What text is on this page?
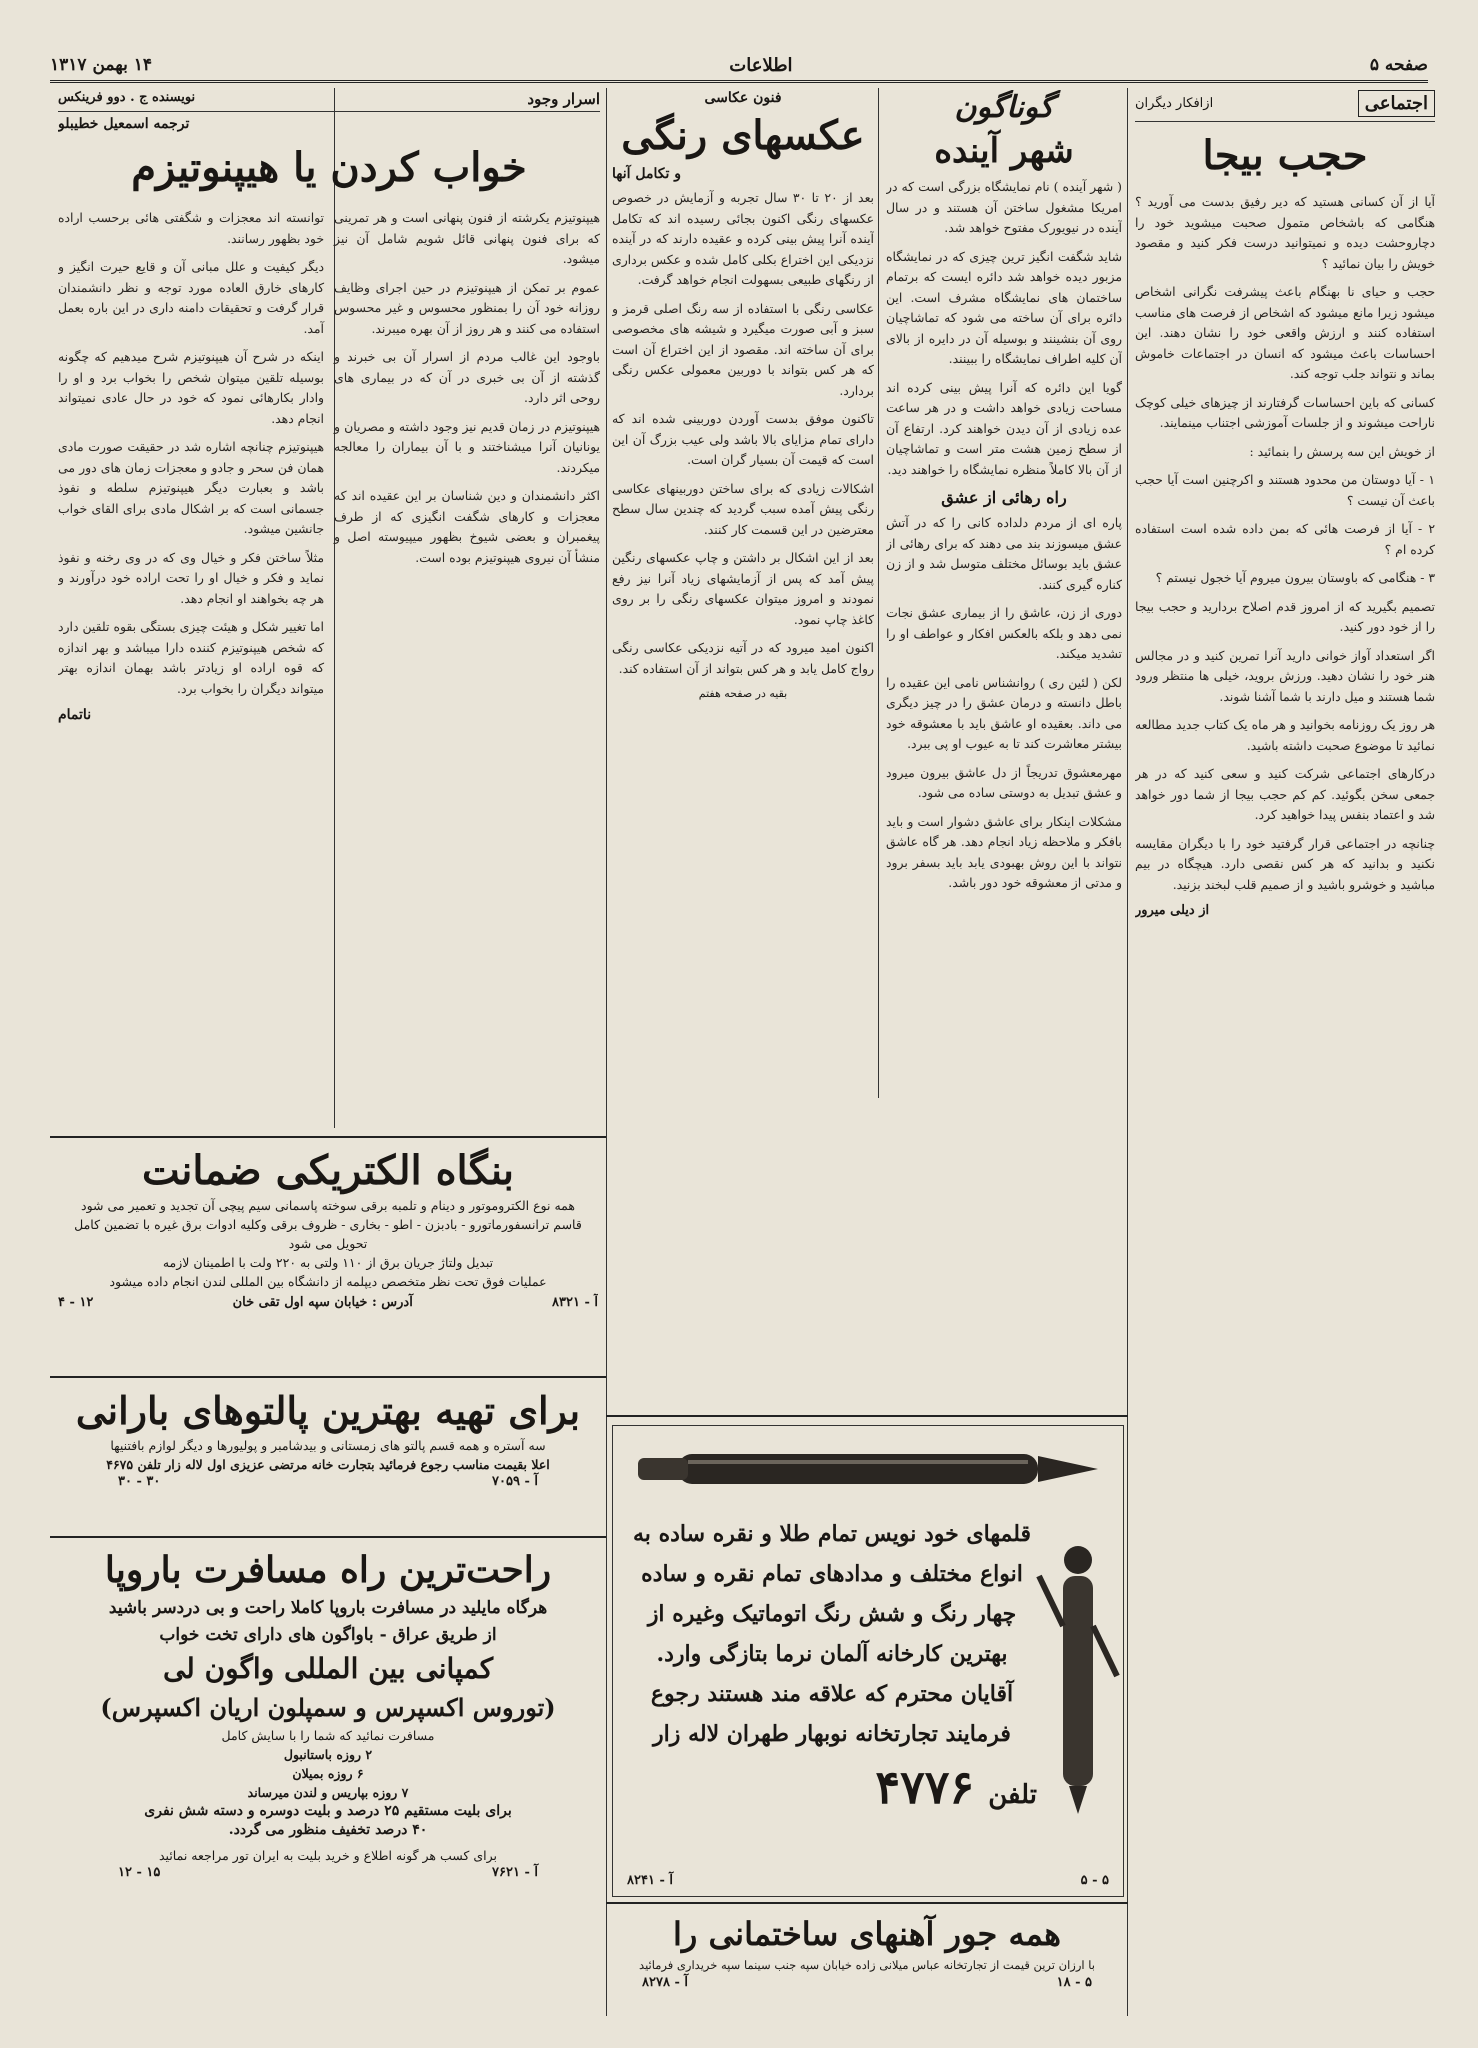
صفحه ۵
اطلاعات
۱۴ بهمن ۱۳۱۷
اجتماعی
ازافکار دیگران
حجب بیجا

آیا از آن کسانی هستید که دیر رفیق بدست می آورید ؟ هنگامی که باشخاص متمول صحبت میشوید خود را دچاروحشت دیده و نمیتوانید درست فکر کنید و مقصود خویش را بیان نمائید ؟

حجب و حیای نا بهنگام باعث پیشرفت نگرانی اشخاص میشود زیرا مانع میشود که اشخاص از فرصت های مناسب استفاده کنند و ارزش واقعی خود را نشان دهند. این احساسات باعث میشود که انسان در اجتماعات خاموش بماند و نتواند جلب توجه کند.

کسانی که باین احساسات گرفتارند از چیزهای خیلی کوچک ناراحت میشوند و از جلسات آموزشی اجتناب مینمایند.

از خویش این سه پرسش را بنمائید :

۱ - آیا دوستان من محدود هستند و اکرچنین است آیا حجب باعث آن نیست ؟

۲ - آیا از فرصت هائی که بمن داده شده است استفاده کرده ام ؟

۳ - هنگامی که باوستان بیرون میروم آیا خجول نیستم ؟

تصمیم بگیرید که از امروز قدم اصلاح بردارید و حجب بیجا را از خود دور کنید.

اگر استعداد آواز خوانی دارید آنرا تمرین کنید و در مجالس هنر خود را نشان دهید. ورزش بروید، خیلی ها منتظر ورود شما هستند و میل دارند با شما آشنا شوند.

هر روز یک روزنامه بخوانید و هر ماه یک کتاب جدید مطالعه نمائید تا موضوع صحبت داشته باشید.

درکارهای اجتماعی شرکت کنید و سعی کنید که در هر جمعی سخن بگوئید. کم کم حجب بیجا از شما دور خواهد شد و اعتماد بنفس پیدا خواهید کرد.

چنانچه در اجتماعی قرار گرفتید خود را با دیگران مقایسه نکنید و بدانید که هر کس نقصی دارد. هیچگاه در بیم مباشید و خوشرو باشید و از صمیم قلب لبخند بزنید.

از دیلی میرور
گوناگون
شهر آینده

( شهر آینده ) نام نمایشگاه بزرگی است که در امریکا مشغول ساختن آن هستند و در سال آینده در نیویورک مفتوح خواهد شد.

شاید شگفت انگیز ترین چیزی که در نمایشگاه مزبور دیده خواهد شد دائره ایست که برتمام ساختمان های نمایشگاه مشرف است. این دائره برای آن ساخته می شود که تماشاچیان روی آن بنشینند و بوسیله آن در دایره از بالای آن کلیه اطراف نمایشگاه را ببینند.

گویا این دائره که آنرا پیش بینی کرده اند مساحت زیادی خواهد داشت و در هر ساعت عده زیادی از آن دیدن خواهند کرد. ارتفاع آن از سطح زمین هشت متر است و تماشاچیان از آن بالا کاملاً منظره نمایشگاه را خواهند دید.

راه رهائی از عشق

پاره ای از مردم دلداده کانی را که در آتش عشق میسوزند بند می دهند که برای رهائی از عشق باید بوسائل مختلف متوسل شد و از زن کناره گیری کنند.

دوری از زن، عاشق را از بیماری عشق نجات نمی دهد و بلکه بالعکس افکار و عواطف او را تشدید میکند.

لکن ( لئین ری ) روانشناس نامی این عقیده را باطل دانسته و درمان عشق را در چیز دیگری می داند. بعقیده او عاشق باید با معشوقه خود بیشتر معاشرت کند تا به عیوب او پی ببرد.

مهرمعشوق تدریجاً از دل عاشق بیرون میرود و عشق تبدیل به دوستی ساده می شود.

مشکلات اینکار برای عاشق دشوار است و باید بافکر و ملاحظه زیاد انجام دهد. هر گاه عاشق نتواند با این روش بهبودی یابد باید بسفر برود و مدتی از معشوقه خود دور باشد.

فنون عکاسی
عکسهای رنگی
و تکامل آنها

بعد از ۲۰ تا ۳۰ سال تجربه و آزمایش در خصوص عکسهای رنگی اکنون بجائی رسیده اند که تکامل آینده آنرا پیش بینی کرده و عقیده دارند که در آینده نزدیکی این اختراع بکلی کامل شده و عکس برداری از رنگهای طبیعی بسهولت انجام خواهد گرفت.

عکاسی رنگی با استفاده از سه رنگ اصلی قرمز و سبز و آبی صورت میگیرد و شیشه های مخصوصی برای آن ساخته اند. مقصود از این اختراع آن است که هر کس بتواند با دوربین معمولی عکس رنگی بردارد.

تاکنون موفق بدست آوردن دوربینی شده اند که دارای تمام مزایای بالا باشد ولی عیب بزرگ آن این است که قیمت آن بسیار گران است.

اشکالات زیادی که برای ساختن دوربینهای عکاسی رنگی پیش آمده سبب گردید که چندین سال سطح معترضین در این قسمت کار کنند.

بعد از این اشکال بر داشتن و چاپ عکسهای رنگین پیش آمد که پس از آزمایشهای زیاد آنرا نیز رفع نمودند و امروز میتوان عکسهای رنگی را بر روی کاغذ چاپ نمود.

اکنون امید میرود که در آتیه نزدیکی عکاسی رنگی رواج کامل یابد و هر کس بتواند از آن استفاده کند.

بقیه در صفحه هفتم
اسرار وجود
نویسنده ج . دوو فرینکس
ترجمه اسمعیل خطیبلو
خواب کردن یا هیپنوتیزم

هیپنوتیزم یکرشته از فنون پنهانی است و هر تمرینی که برای فنون پنهانی قائل شویم شامل آن نیز میشود.

عموم بر تمکن از هیپنوتیزم در حین اجرای وظایف روزانه خود آن را بمنظور محسوس و غیر محسوس استفاده می کنند و هر روز از آن بهره میبرند.

باوجود این غالب مردم از اسرار آن بی خبرند و گذشته از آن بی خبری در آن که در بیماری های روحی اثر دارد.

هیپنوتیزم در زمان قدیم نیز وجود داشته و مصریان و یونانیان آنرا میشناختند و با آن بیماران را معالجه میکردند.

اکثر دانشمندان و دین شناسان بر این عقیده اند که معجزات و کارهای شگفت انگیزی که از طرف پیغمبران و بعضی شیوخ بظهور میپیوسته اصل و منشأ آن نیروی هیپنوتیزم بوده است.

توانسته اند معجزات و شگفتی هائی برحسب اراده خود بظهور رسانند.

دیگر کیفیت و علل مبانی آن و قایع حیرت انگیز و کارهای خارق العاده مورد توجه و نظر دانشمندان قرار گرفت و تحقیقات دامنه داری در این باره بعمل آمد.

اینکه در شرح آن هیپنوتیزم شرح میدهیم که چگونه بوسیله تلقین میتوان شخص را بخواب برد و او را وادار بکارهائی نمود که خود در حال عادی نمیتواند انجام دهد.

هیپنوتیزم چنانچه اشاره شد در حقیقت صورت مادی همان فن سحر و جادو و معجزات زمان های دور می باشد و بعبارت دیگر هیپنوتیزم سلطه و نفوذ جسمانی است که بر اشکال مادی برای القای خواب جانشین میشود.

مثلاً ساختن فکر و خیال وی که در وی رخنه و نفوذ نماید و فکر و خیال او را تحت اراده خود درآورند و هر چه بخواهند او انجام دهد.

اما تغییر شکل و هیئت چیزی بستگی بقوه تلقین دارد که شخص هیپنوتیزم کننده دارا میباشد و بهر اندازه که قوه اراده او زیادتر باشد بهمان اندازه بهتر میتواند دیگران را بخواب برد.

ناتمام
بنگاه الکتریکی ضمانت
همه نوع الکتروموتور و دینام و تلمبه برقی سوخته پاسمانی سیم پیچی آن تجدید و تعمیر می شود
قاسم ترانسفورماتورو - بادبزن - اطو - بخاری - ظروف برقی وکلیه ادوات برق غیره با تضمین کامل تحویل می شود
تبدیل ولتاژ جریان برق از ۱۱۰ ولتی به ۲۲۰ ولت با اطمینان لازمه
عملیات فوق تحت نظر متخصص دیپلمه از دانشگاه بین المللی لندن انجام داده میشود
آ - ۸۳۲۱
آدرس : خیابان سپه اول تقی خان
۱۲ - ۴
برای تهیه بهترین پالتوهای بارانی
سه آستره و همه قسم پالتو های زمستانی و بیدشامبر و پولیورها و دیگر لوازم بافتنیها
اعلا بقیمت مناسب رجوع فرمائید بتجارت خانه مرتضی عزیزی اول لاله زار تلفن ۴۶۷۵
آ - ۷۰۵۹
۳۰ - ۳۰
راحت‌ترین راه مسافرت باروپا
هرگاه مایلید در مسافرت باروپا کاملا راحت و بی دردسر باشید
از طریق عراق - باواگون های دارای تخت خواب
کمپانی بین المللی واگون لی
(توروس اکسپرس و سمپلون اریان اکسپرس)
مسافرت نمائید که شما را با سایش کامل
۲ روزه باستانبول
۶ روزه بمیلان
۷ روزه بپاریس و لندن میرساند
برای بلیت مستقیم ۲۵ درصد و بلیت دوسره و دسته شش نفری
۴۰ درصد تخفیف منظور می گردد.
برای کسب هر گونه اطلاع و خرید بلیت به ایران تور مراجعه نمائید
آ - ۷۶۲۱
۱۵ - ۱۲
قلمهای خود نویس تمام طلا و نقره ساده به
انواع مختلف و مدادهای تمام نقره و ساده
چهار رنگ و شش رنگ اتوماتیک وغیره از
بهترین کارخانه آلمان نرما بتازگی وارد.
آقایان محترم که علاقه مند هستند رجوع
فرمایند تجارتخانه نوبهار طهران لاله زار
تلفن
۴۷۷۶
۵ - ۵
آ - ۸۲۴۱
همه جور آهنهای ساختمانی را
با ارزان ترین قیمت از تجارتخانه عباس میلانی زاده خیابان سپه جنب سینما سپه خریداری فرمائید
۵ - ۱۸
آ - ۸۲۷۸
